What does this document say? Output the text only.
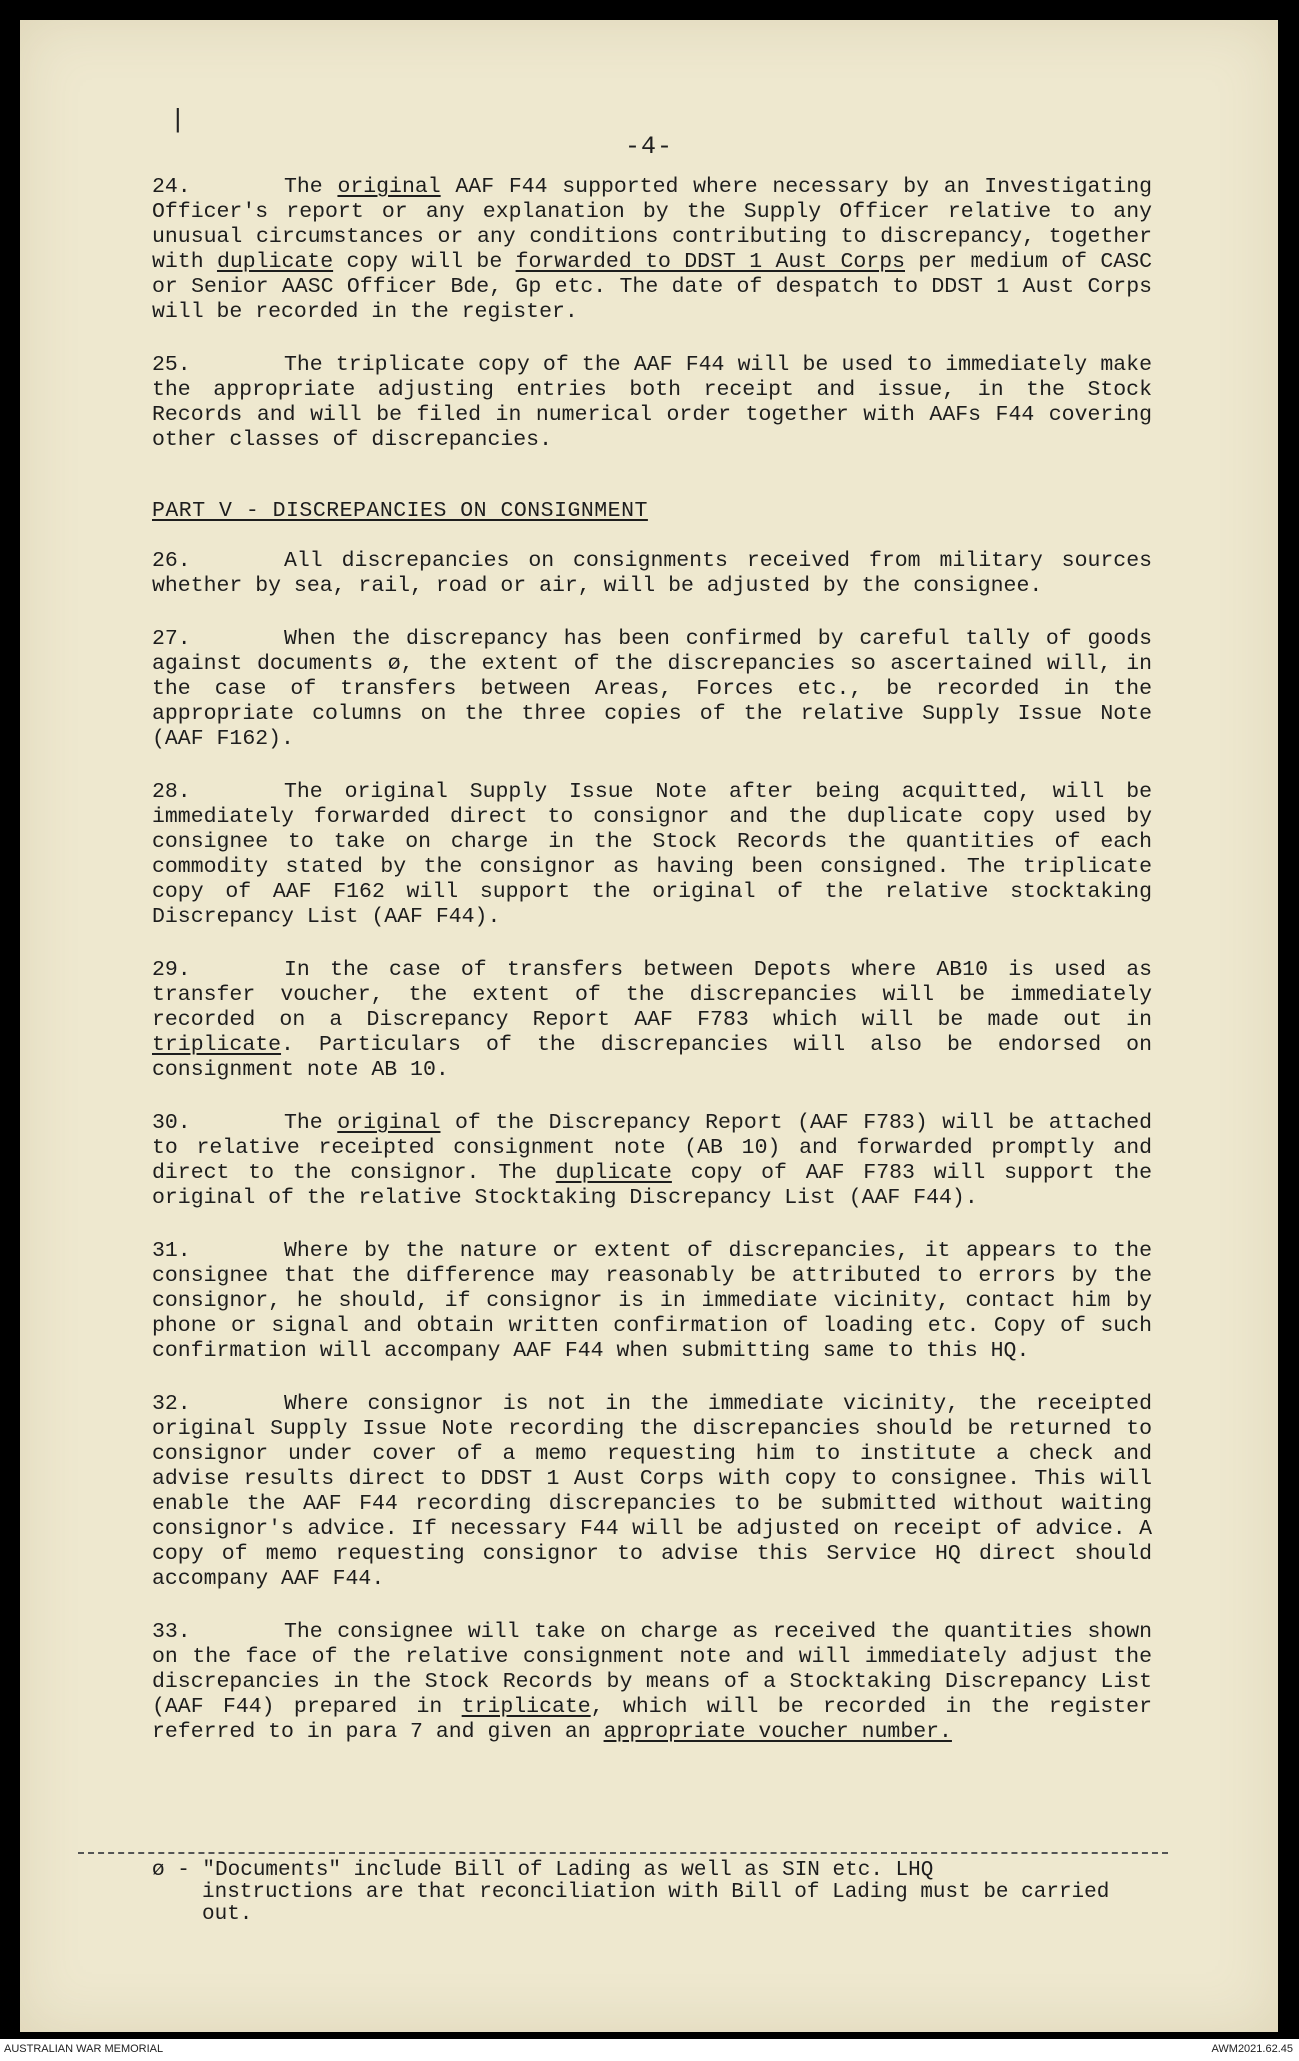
|
-4-
24.	The original AAF F44 supported where necessary by an Investigating Officer's report or any explanation by the Supply Officer relative to any unusual circumstances or any conditions contributing to discrepancy, together with duplicate copy will be forwarded to DDST 1 Aust Corps per medium of CASC or Senior AASC Officer Bde, Gp etc. The date of despatch to DDST 1 Aust Corps will be recorded in the register.
25.	The triplicate copy of the AAF F44 will be used to immediately make the appropriate adjusting entries both receipt and issue, in the Stock Records and will be filed in numerical order together with AAFs F44 covering other classes of discrepancies.
PART V - DISCREPANCIES ON CONSIGNMENT
26.	All discrepancies on consignments received from military sources whether by sea, rail, road or air, will be adjusted by the consignee.
27.	When the discrepancy has been confirmed by careful tally of goods against documents ø, the extent of the discrepancies so ascertained will, in the case of transfers between Areas, Forces etc., be recorded in the appropriate columns on the three copies of the relative Supply Issue Note (AAF F162).
28.	The original Supply Issue Note after being acquitted, will be immediately forwarded direct to consignor and the duplicate copy used by consignee to take on charge in the Stock Records the quantities of each commodity stated by the consignor as having been consigned. The triplicate copy of AAF F162 will support the original of the relative stocktaking Discrepancy List (AAF F44).
29.	In the case of transfers between Depots where AB10 is used as transfer voucher, the extent of the discrepancies will be immediately recorded on a Discrepancy Report AAF F783 which will be made out in triplicate. Particulars of the discrepancies will also be endorsed on consignment note AB 10.
30.	The original of the Discrepancy Report (AAF F783) will be attached to relative receipted consignment note (AB 10) and forwarded promptly and direct to the consignor. The duplicate copy of AAF F783 will support the original of the relative Stocktaking Discrepancy List (AAF F44).
31.	Where by the nature or extent of discrepancies, it appears to the consignee that the difference may reasonably be attributed to errors by the consignor, he should, if consignor is in immediate vicinity, contact him by phone or signal and obtain written confirmation of loading etc. Copy of such confirmation will accompany AAF F44 when submitting same to this HQ.
32.	Where consignor is not in the immediate vicinity, the receipted original Supply Issue Note recording the discrepancies should be returned to consignor under cover of a memo requesting him to institute a check and advise results direct to DDST 1 Aust Corps with copy to consignee. This will enable the AAF F44 recording discrepancies to be submitted without waiting consignor's advice. If necessary F44 will be adjusted on receipt of advice. A copy of memo requesting consignor to advise this Service HQ direct should accompany AAF F44.
33.	The consignee will take on charge as received the quantities shown on the face of the relative consignment note and will immediately adjust the discrepancies in the Stock Records by means of a Stocktaking Discrepancy List (AAF F44) prepared in triplicate, which will be recorded in the register referred to in para 7 and given an appropriate voucher number.
ø - "Documents" include Bill of Lading as well as SIN etc. LHQ
instructions are that reconciliation with Bill of Lading must be carried out.
AUSTRALIAN WAR MEMORIAL	AWM2021.62.45
